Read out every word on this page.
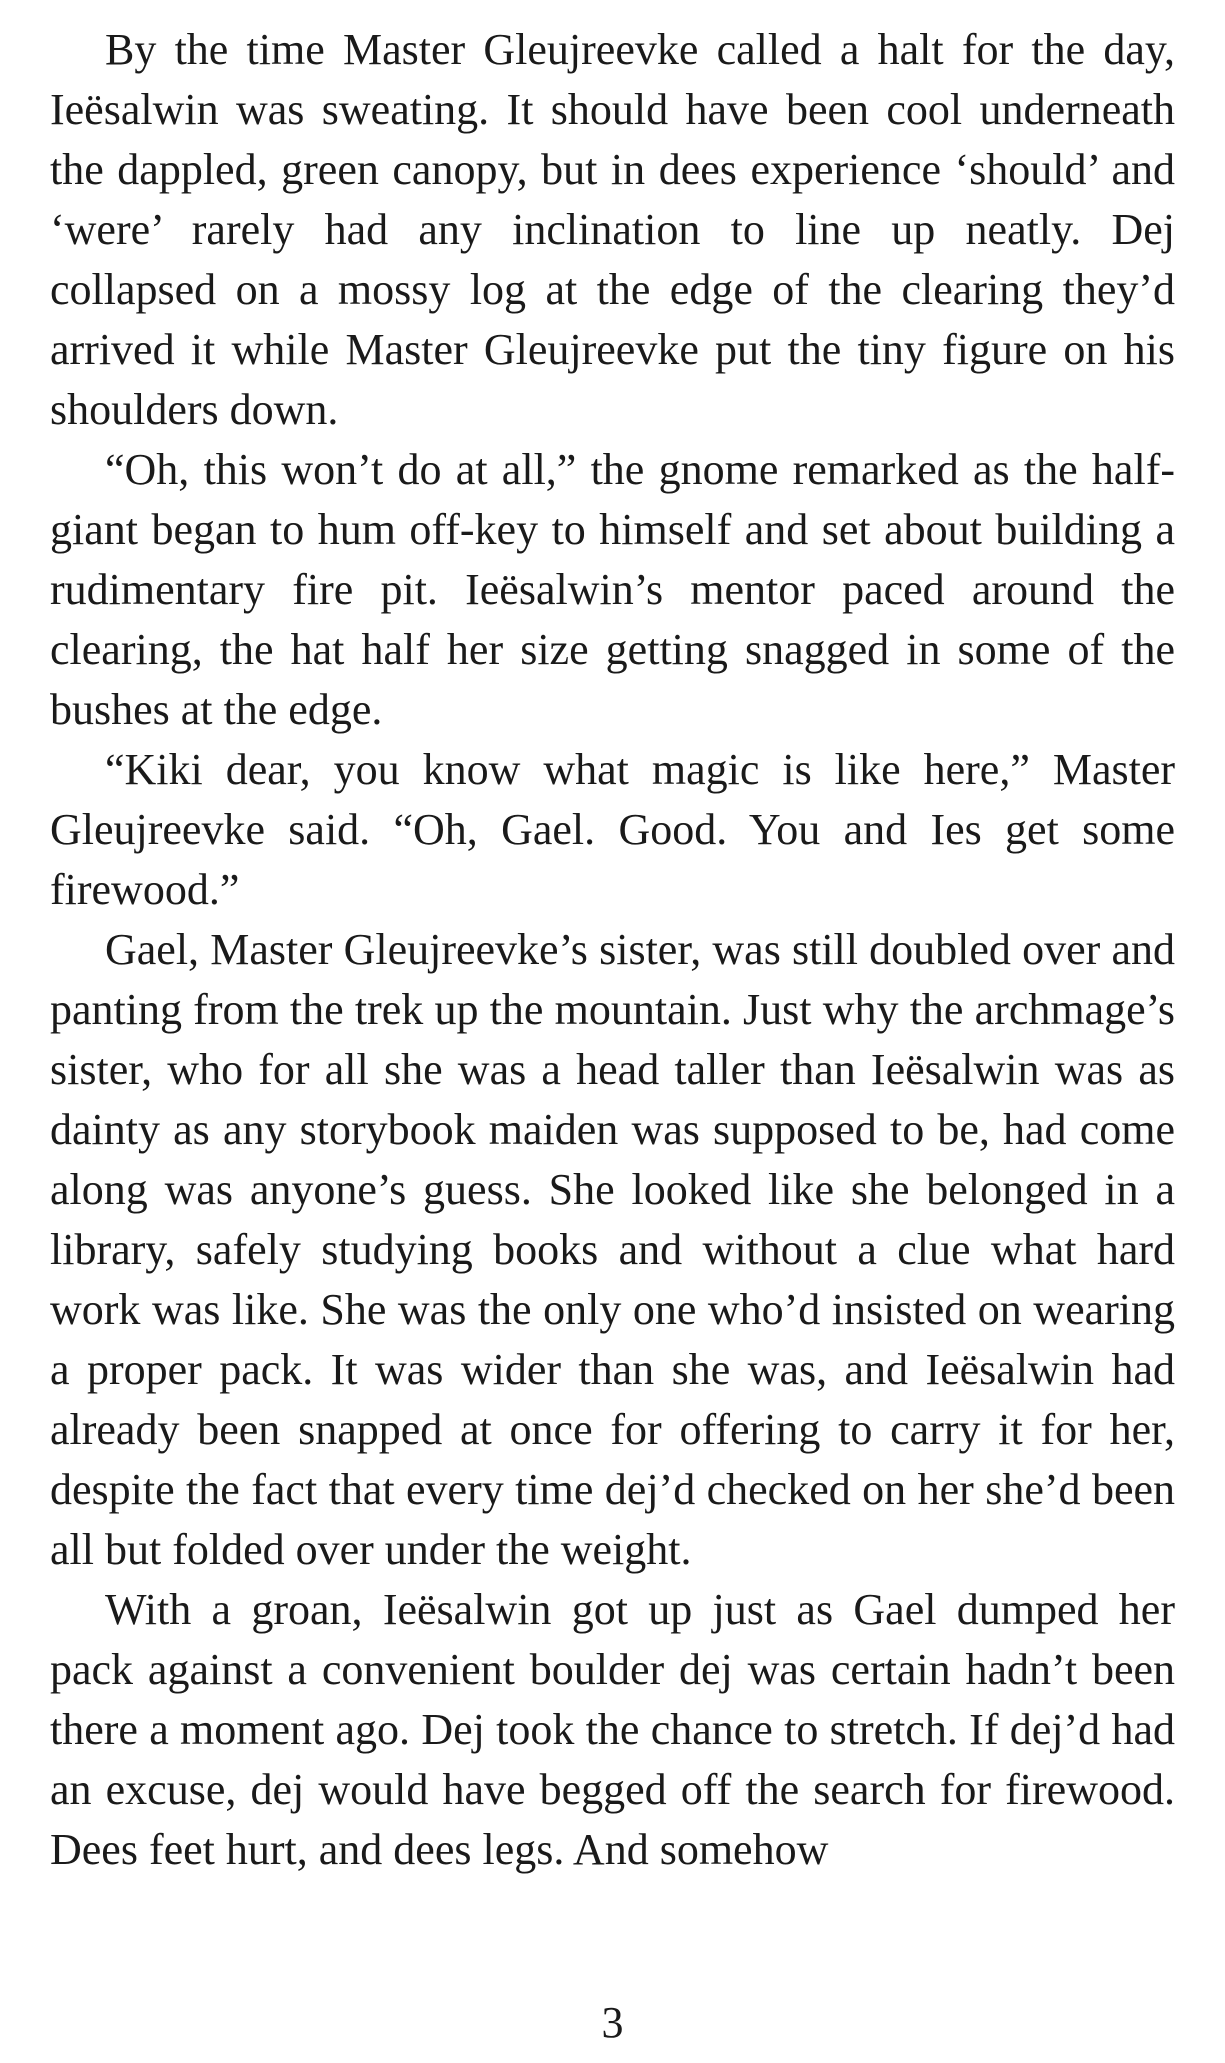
By the time Master Gleujreevke called a halt for the day, Ieësalwin was sweating. It should have been cool underneath the dappled, green canopy, but in dees experience ‘should’ and ‘were’ rarely had any inclination to line up neatly. Dej collapsed on a mossy log at the edge of the clearing they’d arrived it while Master Gleujreevke put the tiny figure on his shoulders down.

“Oh, this won’t do at all,” the gnome remarked as the half-giant began to hum off-key to himself and set about building a rudimentary fire pit. Ieësalwin’s mentor paced around the clearing, the hat half her size getting snagged in some of the bushes at the edge.

“Kiki dear, you know what magic is like here,” Master Gleujreevke said. “Oh, Gael. Good. You and Ies get some firewood.”

Gael, Master Gleujreevke’s sister, was still doubled over and panting from the trek up the mountain. Just why the archmage’s sister, who for all she was a head taller than Ieësalwin was as dainty as any storybook maiden was supposed to be, had come along was anyone’s guess. She looked like she belonged in a library, safely studying books and without a clue what hard work was like. She was the only one who’d insisted on wearing a proper pack. It was wider than she was, and Ieësalwin had already been snapped at once for offering to carry it for her, despite the fact that every time dej’d checked on her she’d been all but folded over under the weight.

With a groan, Ieësalwin got up just as Gael dumped her pack against a convenient boulder dej was certain hadn’t been there a moment ago. Dej took the chance to stretch. If dej’d had an excuse, dej would have begged off the search for firewood. Dees feet hurt, and dees legs. And somehow

3
